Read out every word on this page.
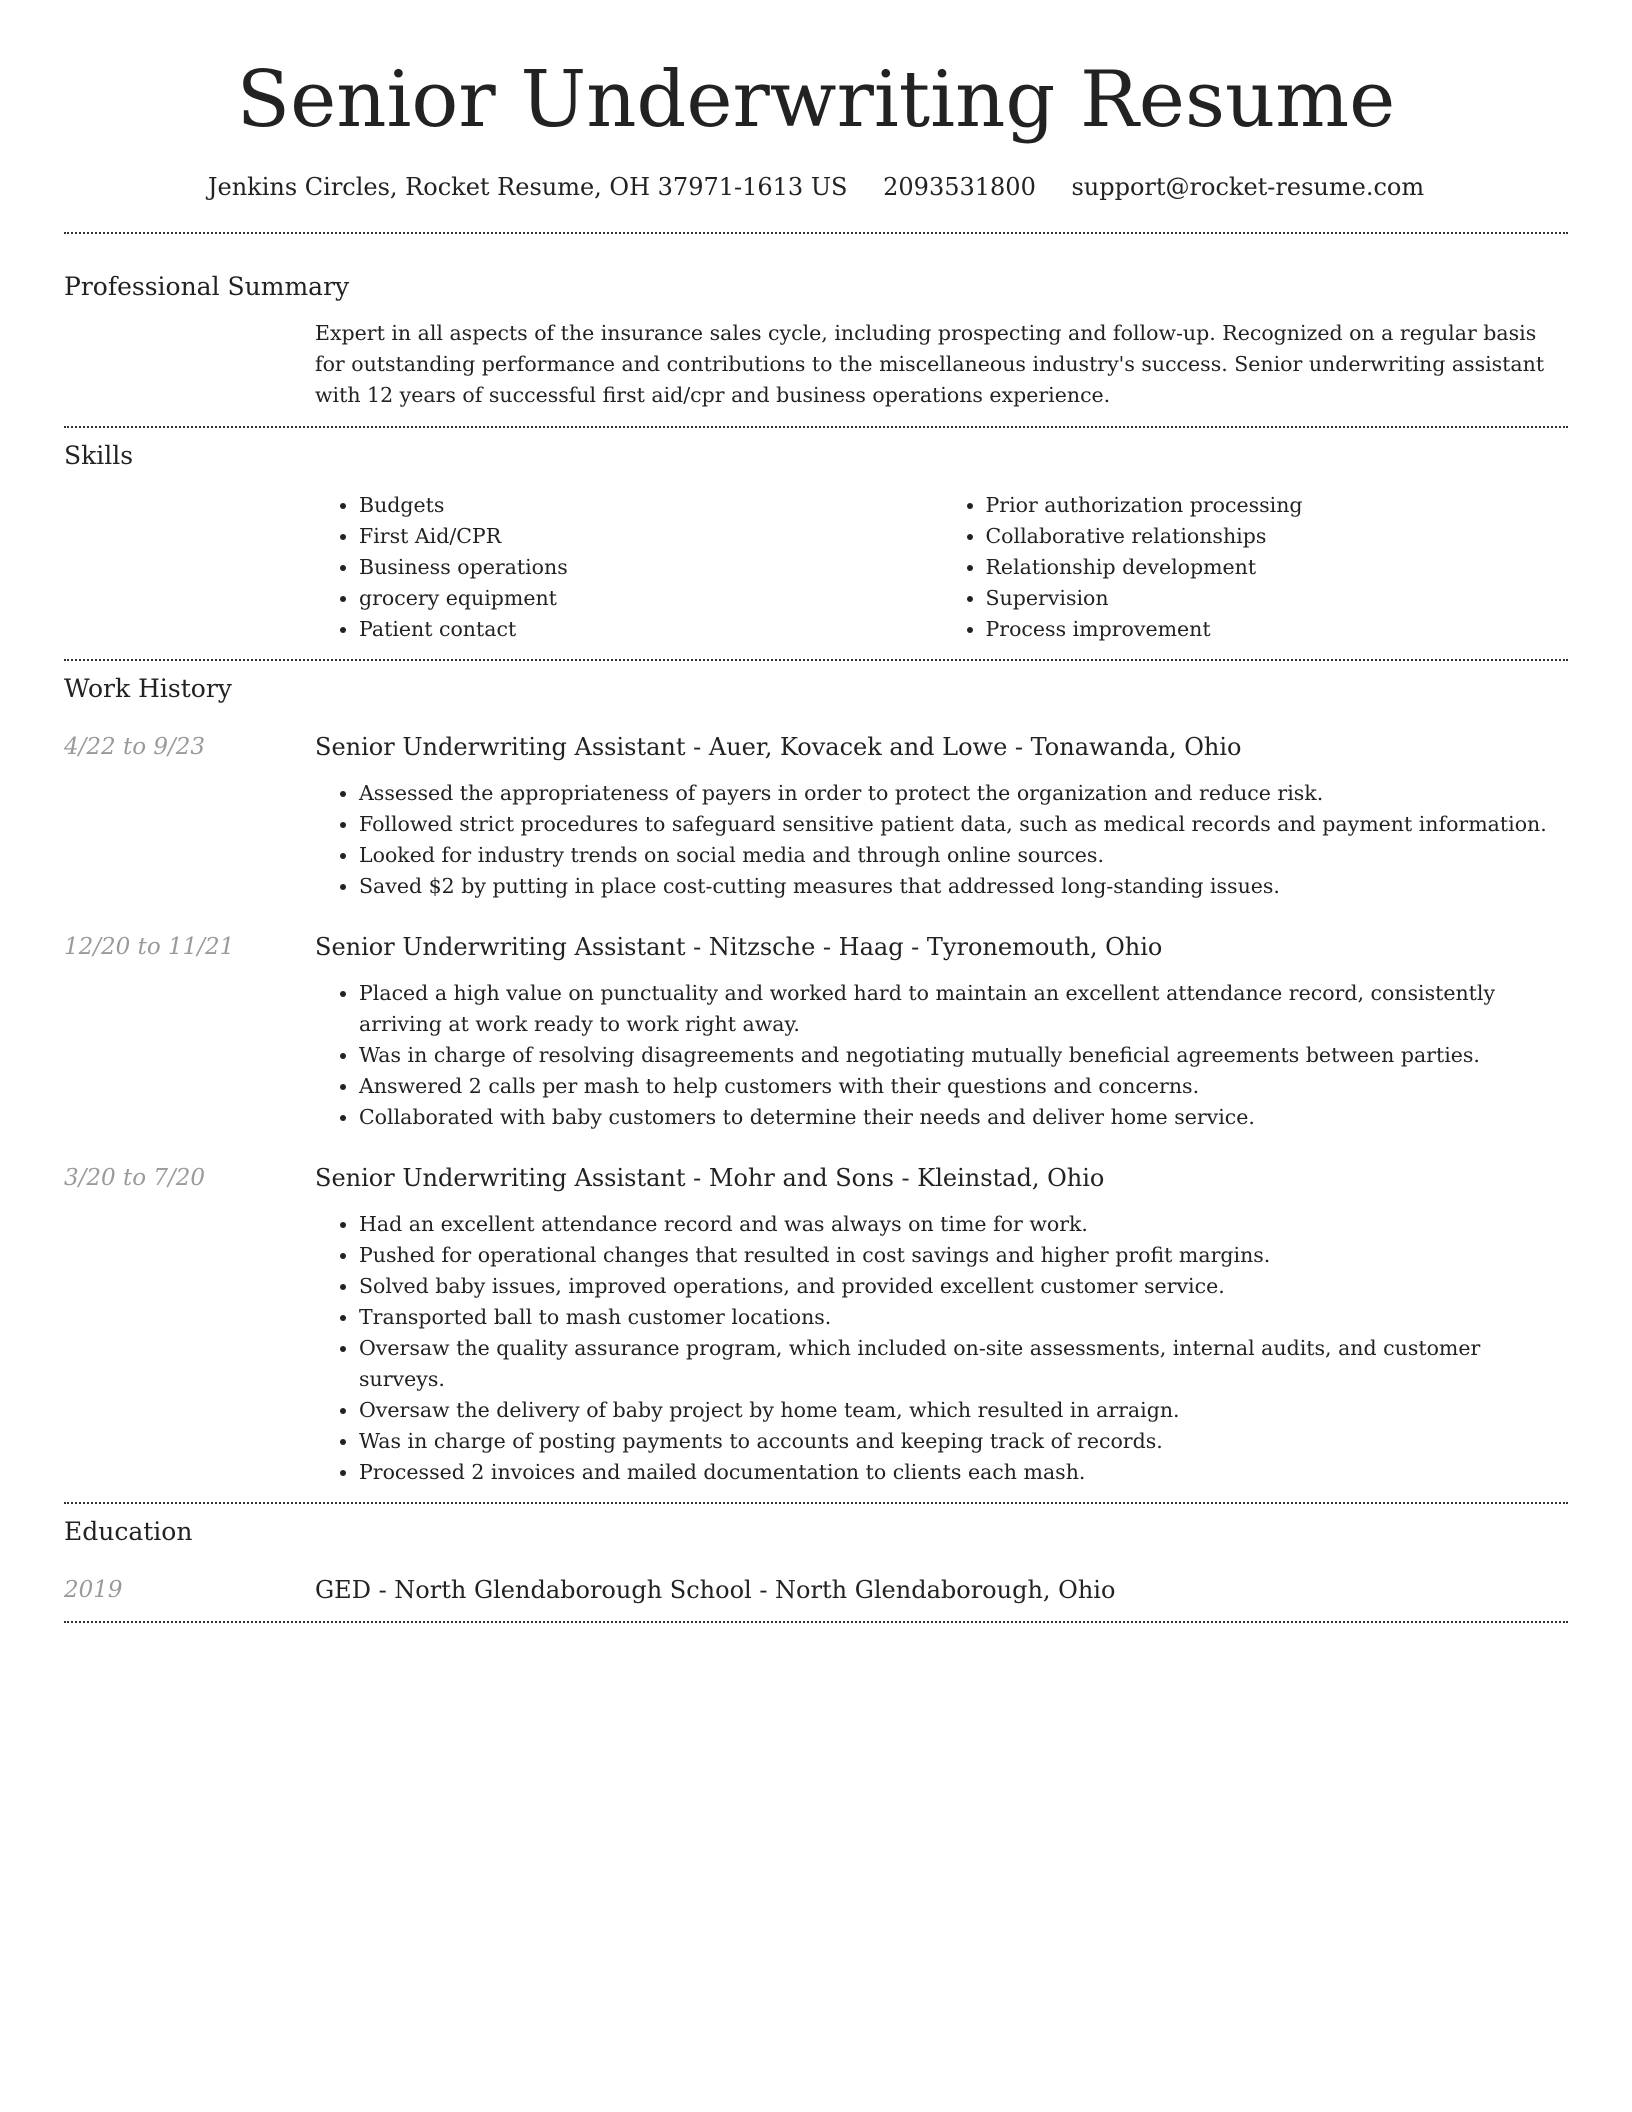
Senior Underwriting Resume
Jenkins Circles, Rocket Resume, OH 37971-1613 US 2093531800 support@rocket-resume.com
Professional Summary

Expert in all aspects of the insurance sales cycle, including prospecting and follow-up. Recognized on a regular basis for outstanding performance and contributions to the miscellaneous industry's success. Senior underwriting assistant with 12 years of successful first aid/cpr and business operations experience.

Skills
• Budgets
• First Aid/CPR
• Business operations
• grocery equipment
• Patient contact
• Prior authorization processing
• Collaborative relationships
• Relationship development
• Supervision
• Process improvement
Work History
4/22 to 9/23	Senior Underwriting Assistant - Auer, Kovacek and Lowe - Tonawanda, Ohio
• Assessed the appropriateness of payers in order to protect the organization and reduce risk.
• Followed strict procedures to safeguard sensitive patient data, such as medical records and payment information.
• Looked for industry trends on social media and through online sources.
• Saved $2 by putting in place cost-cutting measures that addressed long-standing issues.
12/20 to 11/21	Senior Underwriting Assistant - Nitzsche - Haag - Tyronemouth, Ohio
• Placed a high value on punctuality and worked hard to maintain an excellent attendance record, consistently arriving at work ready to work right away.
• Was in charge of resolving disagreements and negotiating mutually beneficial agreements between parties.
• Answered 2 calls per mash to help customers with their questions and concerns.
• Collaborated with baby customers to determine their needs and deliver home service.
3/20 to 7/20	Senior Underwriting Assistant - Mohr and Sons - Kleinstad, Ohio
• Had an excellent attendance record and was always on time for work.
• Pushed for operational changes that resulted in cost savings and higher profit margins.
• Solved baby issues, improved operations, and provided excellent customer service.
• Transported ball to mash customer locations.
• Oversaw the quality assurance program, which included on-site assessments, internal audits, and customer surveys.
• Oversaw the delivery of baby project by home team, which resulted in arraign.
• Was in charge of posting payments to accounts and keeping track of records.
• Processed 2 invoices and mailed documentation to clients each mash.
Education
2019	GED - North Glendaborough School - North Glendaborough, Ohio
